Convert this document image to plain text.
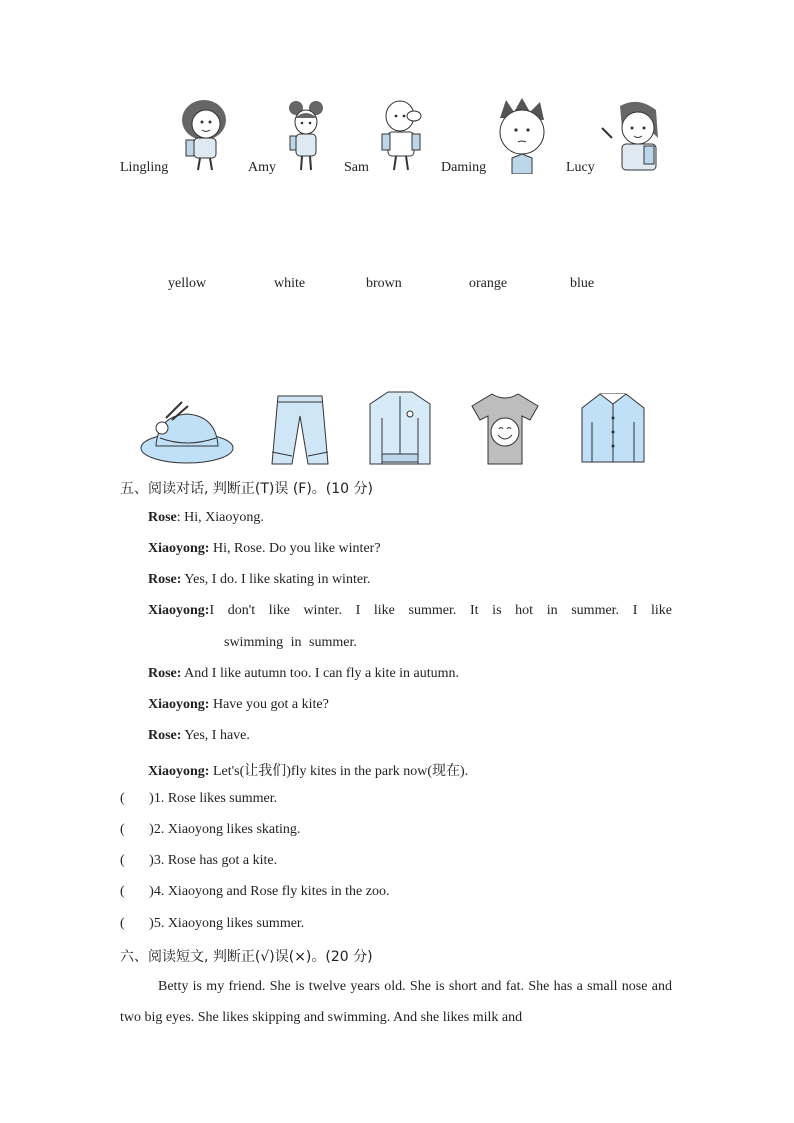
Lingling	Amy	Sam	Daming	Lucy
yellow	white	brown	orange	blue
五、阅读对话, 判断正(T)误 (F)。(10 分)
Rose: Hi, Xiaoyong.
Xiaoyong: Hi, Rose. Do you like winter?
Rose: Yes, I do. I like skating in winter.
Xiaoyong: I don't like winter. I like summer. It is hot in summer. I like
swimming in summer.
Rose: And I like autumn too. I can fly a kite in autumn.
Xiaoyong: Have you got a kite?
Rose: Yes, I have.
Xiaoyong: Let's(让我们)fly kites in the park now(现在).
(       )1. Rose likes summer.
(       )2. Xiaoyong likes skating.
(       )3. Rose has got a kite.
(       )4. Xiaoyong and Rose fly kites in the zoo.
(       )5. Xiaoyong likes summer.
六、阅读短文, 判断正(√)误(×)。(20 分)
Betty is my friend. She is twelve years old. She is short and fat. She has a small nose and two big eyes. She likes skipping and swimming. And she likes milk and
